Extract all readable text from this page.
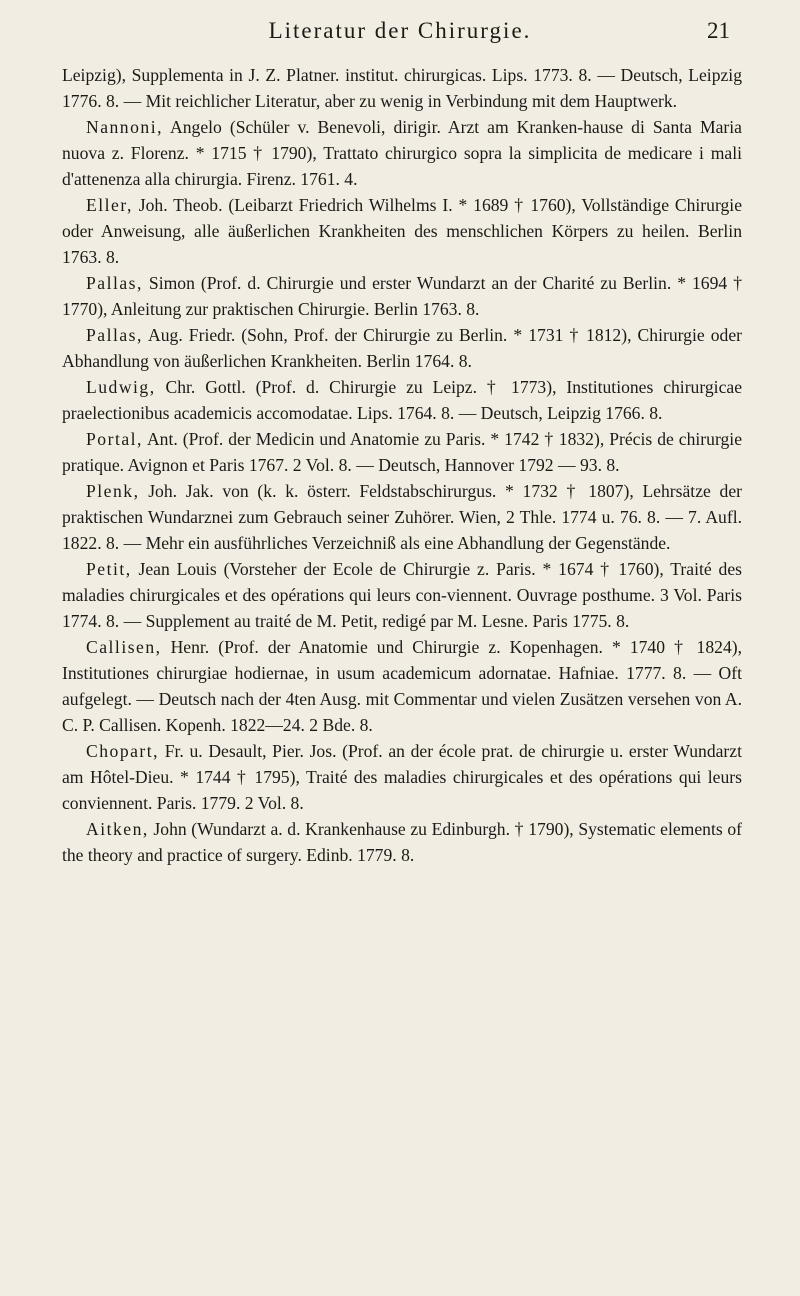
Literatur der Chirurgie.	21

Leipzig), Supplementa in J. Z. Platner. institut. chirurgicas. Lips. 1773. 8. — Deutsch, Leipzig 1776. 8. — Mit reichlicher Literatur, aber zu wenig in Verbindung mit dem Hauptwerk.

Nannoni, Angelo (Schüler v. Benevoli, dirigir. Arzt am Kranken-hause di Santa Maria nuova z. Florenz. * 1715 † 1790), Trattato chirurgico sopra la simplicita de medicare i mali d'attenenza alla chirurgia. Firenz. 1761. 4.

Eller, Joh. Theob. (Leibarzt Friedrich Wilhelms I. * 1689 † 1760), Vollständige Chirurgie oder Anweisung, alle äußerlichen Krankheiten des menschlichen Körpers zu heilen. Berlin 1763. 8.

Pallas, Simon (Prof. d. Chirurgie und erster Wundarzt an der Charité zu Berlin. * 1694 † 1770), Anleitung zur praktischen Chirurgie. Berlin 1763. 8.

Pallas, Aug. Friedr. (Sohn, Prof. der Chirurgie zu Berlin. * 1731 † 1812), Chirurgie oder Abhandlung von äußerlichen Krankheiten. Berlin 1764. 8.

Ludwig, Chr. Gottl. (Prof. d. Chirurgie zu Leipz. † 1773), Institutiones chirurgicae praelectionibus academicis accomodatae. Lips. 1764. 8. — Deutsch, Leipzig 1766. 8.

Portal, Ant. (Prof. der Medicin und Anatomie zu Paris. * 1742 † 1832), Précis de chirurgie pratique. Avignon et Paris 1767. 2 Vol. 8. — Deutsch, Hannover 1792 — 93. 8.

Plenk, Joh. Jak. von (k. k. österr. Feldstabschirurgus. * 1732 † 1807), Lehrsätze der praktischen Wundarznei zum Gebrauch seiner Zuhörer. Wien, 2 Thle. 1774 u. 76. 8. — 7. Aufl. 1822. 8. — Mehr ein ausführliches Verzeichniß als eine Abhandlung der Gegenstände.

Petit, Jean Louis (Vorsteher der Ecole de Chirurgie z. Paris. * 1674 † 1760), Traité des maladies chirurgicales et des opérations qui leurs con-viennent. Ouvrage posthume. 3 Vol. Paris 1774. 8. — Supplement au traité de M. Petit, redigé par M. Lesne. Paris 1775. 8.

Callisen, Henr. (Prof. der Anatomie und Chirurgie z. Kopenhagen. * 1740 † 1824), Institutiones chirurgiae hodiernae, in usum academicum adornatae. Hafniae. 1777. 8. — Oft aufgelegt. — Deutsch nach der 4ten Ausg. mit Commentar und vielen Zusätzen versehen von A. C. P. Callisen. Kopenh. 1822—24. 2 Bde. 8.

Chopart, Fr. u. Desault, Pier. Jos. (Prof. an der école prat. de chirurgie u. erster Wundarzt am Hôtel-Dieu. * 1744 † 1795), Traité des maladies chirurgicales et des opérations qui leurs conviennent. Paris. 1779. 2 Vol. 8.

Aitken, John (Wundarzt a. d. Krankenhause zu Edinburgh. † 1790), Systematic elements of the theory and practice of surgery. Edinb. 1779. 8.
